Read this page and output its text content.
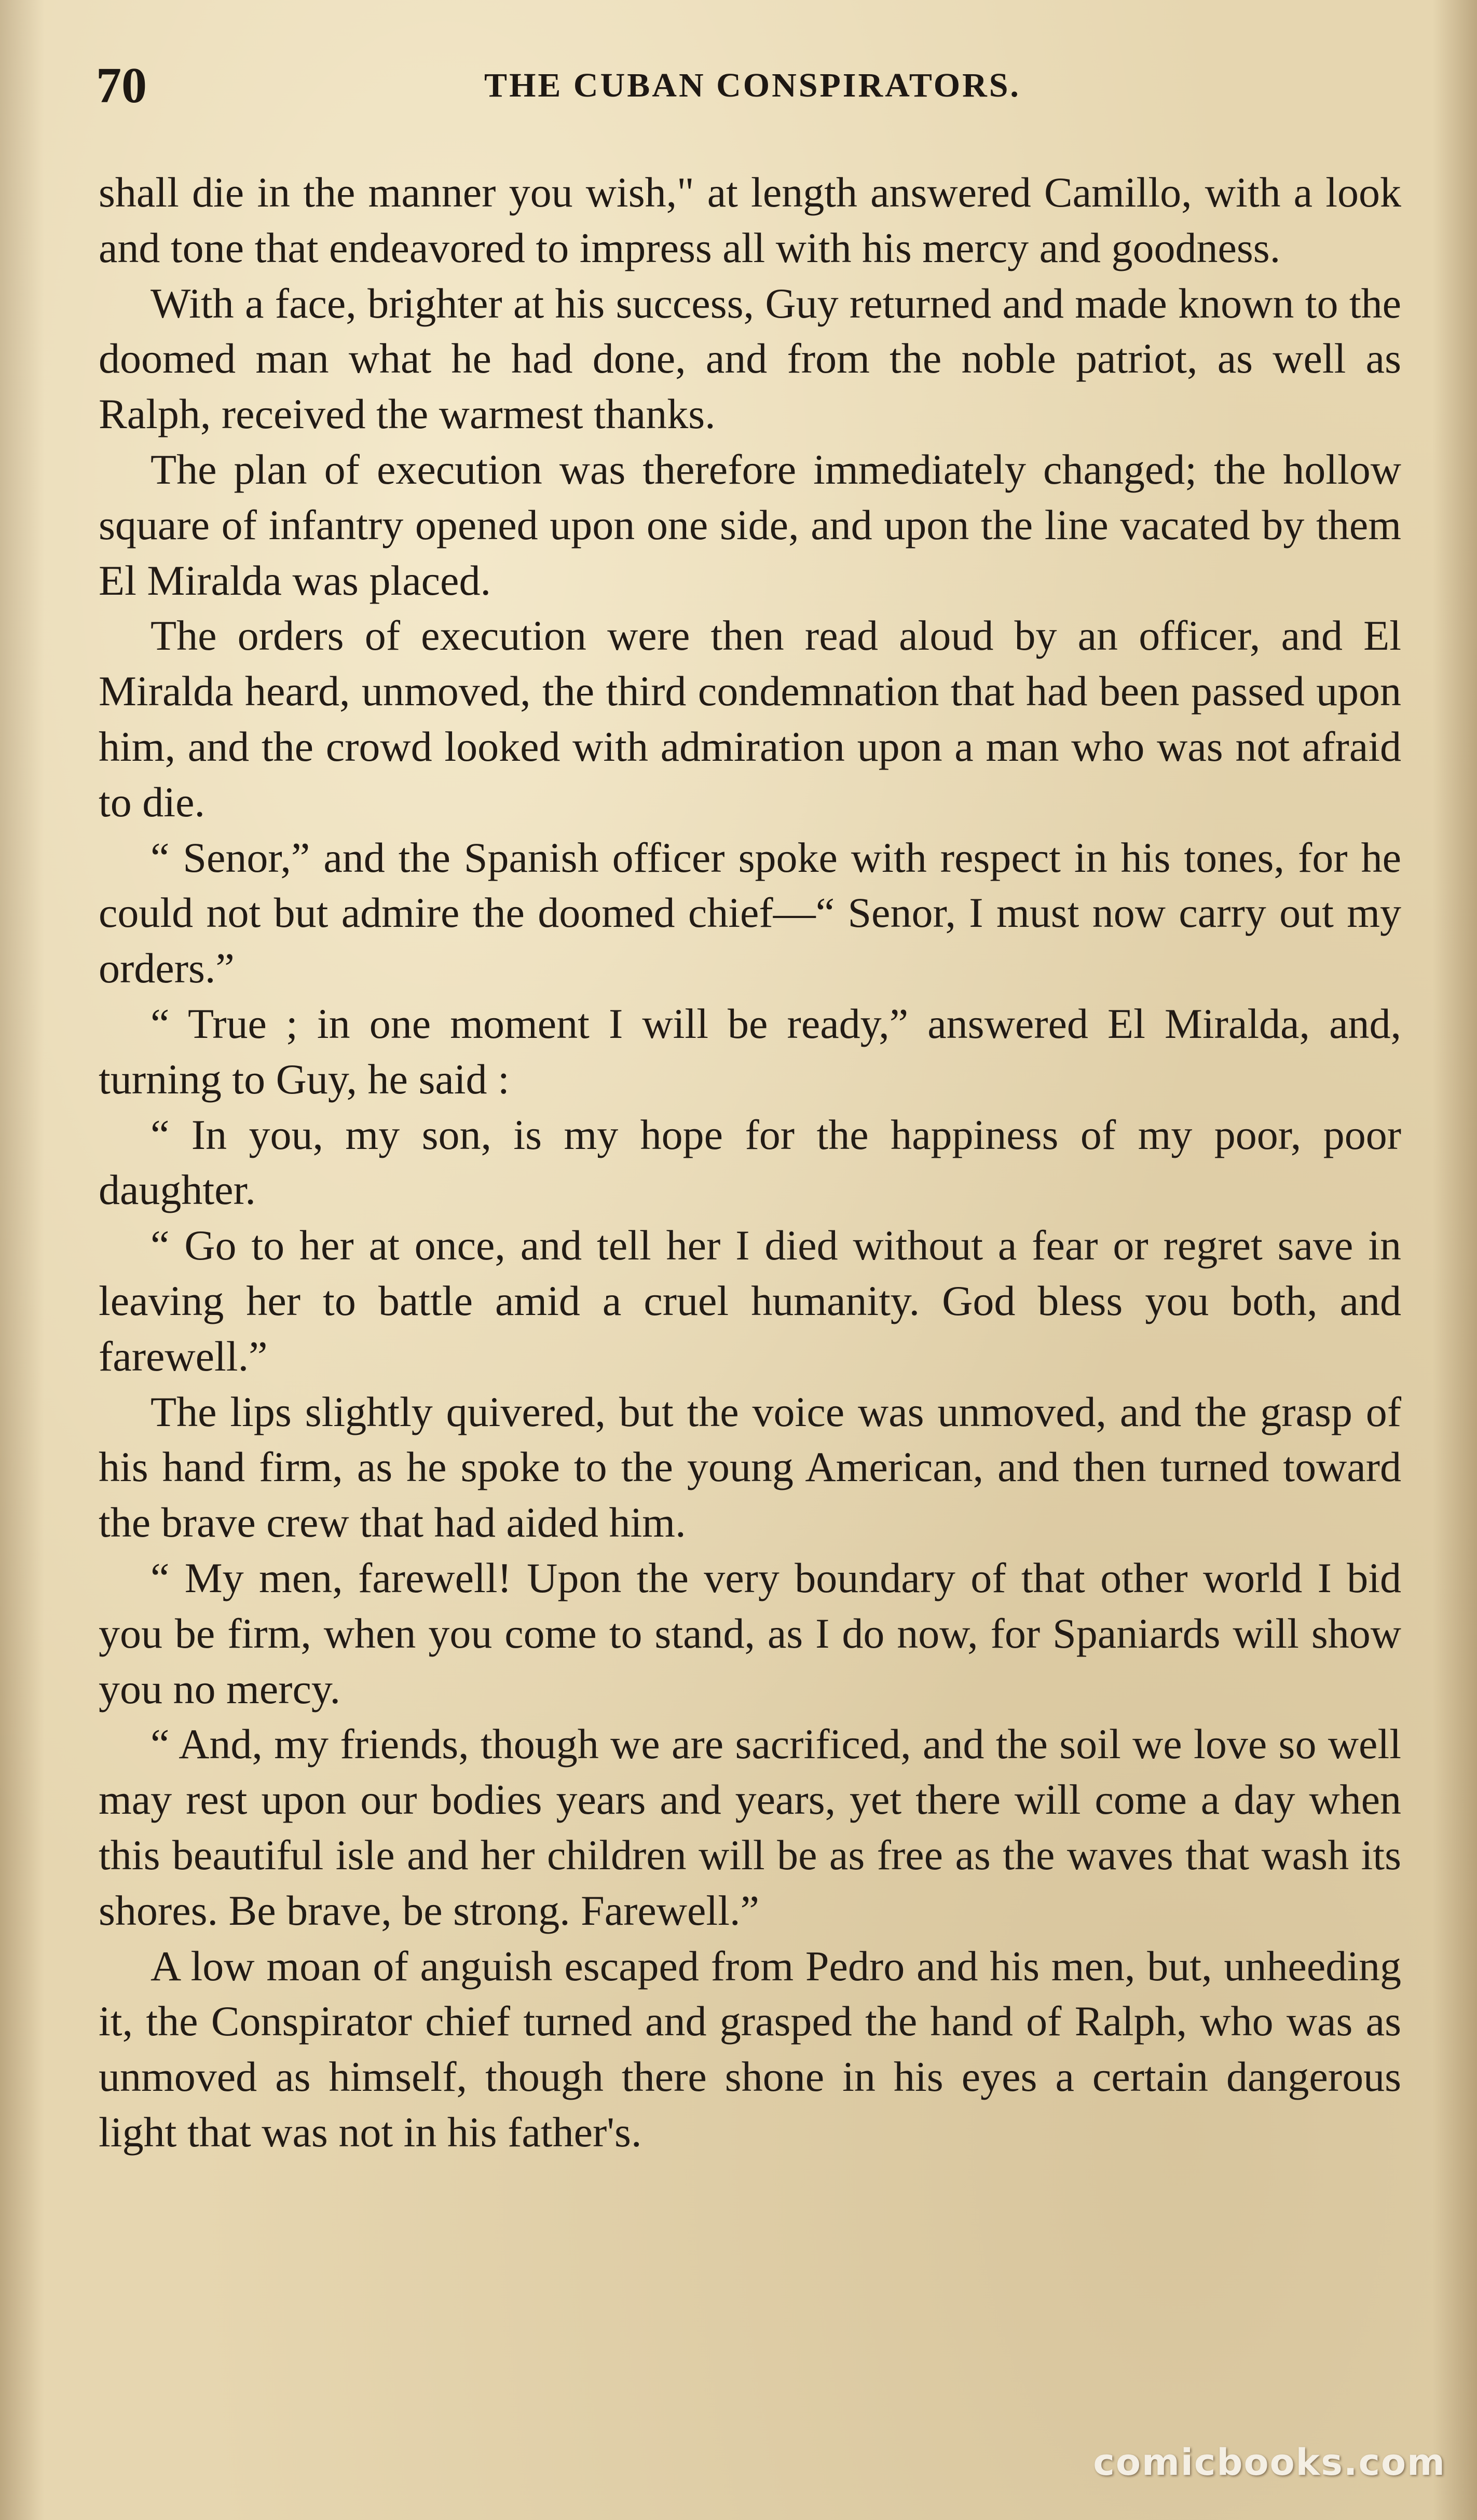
70	THE CUBAN CONSPIRATORS.

shall die in the manner you wish," at length answered Camillo, with a look and tone that endeavored to impress all with his mercy and goodness.

With a face, brighter at his success, Guy returned and made known to the doomed man what he had done, and from the noble patriot, as well as Ralph, received the warmest thanks.

The plan of execution was therefore immediately changed; the hollow square of infantry opened upon one side, and upon the line vacated by them El Miralda was placed.

The orders of execution were then read aloud by an officer, and El Miralda heard, unmoved, the third condemnation that had been passed upon him, and the crowd looked with admiration upon a man who was not afraid to die.

“ Senor,” and the Spanish officer spoke with respect in his tones, for he could not but admire the doomed chief—“ Senor, I must now carry out my orders.”

“ True ; in one moment I will be ready,” answered El Miralda, and, turning to Guy, he said :

“ In you, my son, is my hope for the happiness of my poor, poor daughter.

“ Go to her at once, and tell her I died without a fear or regret save in leaving her to battle amid a cruel humanity. God bless you both, and farewell.”

The lips slightly quivered, but the voice was unmoved, and the grasp of his hand firm, as he spoke to the young American, and then turned toward the brave crew that had aided him.

“ My men, farewell! Upon the very boundary of that other world I bid you be firm, when you come to stand, as I do now, for Spaniards will show you no mercy.

“ And, my friends, though we are sacrificed, and the soil we love so well may rest upon our bodies years and years, yet there will come a day when this beautiful isle and her children will be as free as the waves that wash its shores. Be brave, be strong. Farewell.”

A low moan of anguish escaped from Pedro and his men, but, unheeding it, the Conspirator chief turned and grasped the hand of Ralph, who was as unmoved as himself, though there shone in his eyes a certain dangerous light that was not in his father's.

comicbooks.com
